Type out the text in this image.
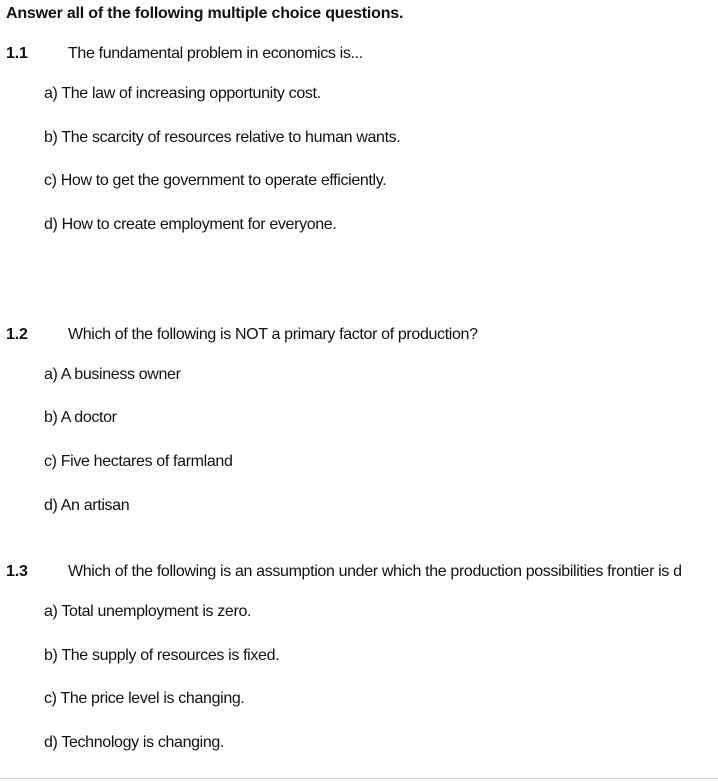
Answer all of the following multiple choice questions.
1.1	The fundamental problem in economics is...
a) The law of increasing opportunity cost.
b) The scarcity of resources relative to human wants.
c) How to get the government to operate efficiently.
d) How to create employment for everyone.
1.2	Which of the following is NOT a primary factor of production?
a) A business owner
b) A doctor
c) Five hectares of farmland
d) An artisan
1.3	Which of the following is an assumption under which the production possibilities frontier is d
a) Total unemployment is zero.
b) The supply of resources is fixed.
c) The price level is changing.
d) Technology is changing.
